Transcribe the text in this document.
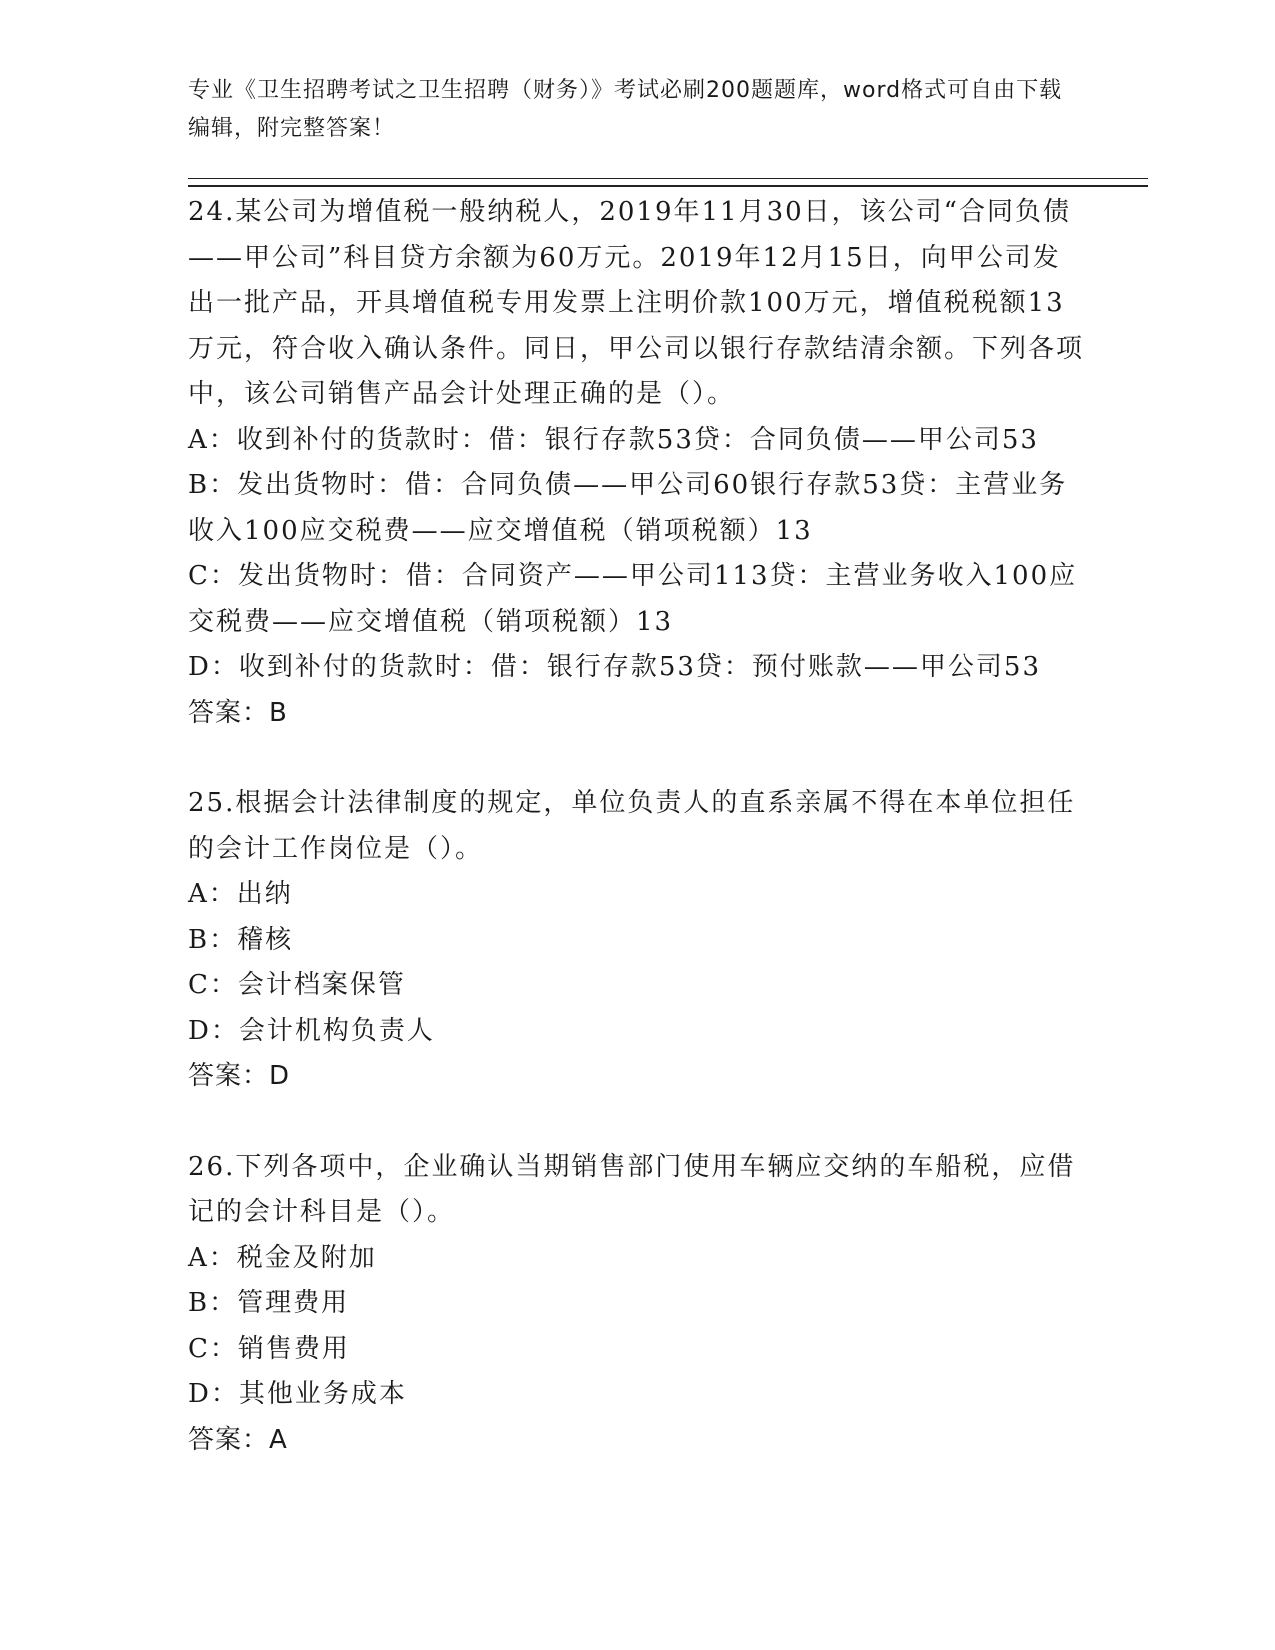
专业《卫生招聘考试之卫生招聘（财务）》考试必刷200题题库，word格式可自由下载编辑，附完整答案！
24.某公司为增值税一般纳税人，2019年11月30日，该公司“合同负债——甲公司”科目贷方余额为60万元。2019年12月15日，向甲公司发出一批产品，开具增值税专用发票上注明价款100万元，增值税税额13万元，符合收入确认条件。同日，甲公司以银行存款结清余额。下列各项中，该公司销售产品会计处理正确的是（）。
A：收到补付的货款时：借：银行存款53贷：合同负债——甲公司53
B：发出货物时：借：合同负债——甲公司60银行存款53贷：主营业务收入100应交税费——应交增值税（销项税额）13
C：发出货物时：借：合同资产——甲公司113贷：主营业务收入100应交税费——应交增值税（销项税额）13
D：收到补付的货款时：借：银行存款53贷：预付账款——甲公司53
答案：B
25.根据会计法律制度的规定，单位负责人的直系亲属不得在本单位担任的会计工作岗位是（）。
A：出纳
B：稽核
C：会计档案保管
D：会计机构负责人
答案：D
26.下列各项中，企业确认当期销售部门使用车辆应交纳的车船税，应借记的会计科目是（）。
A：税金及附加
B：管理费用
C：销售费用
D：其他业务成本
答案：A
